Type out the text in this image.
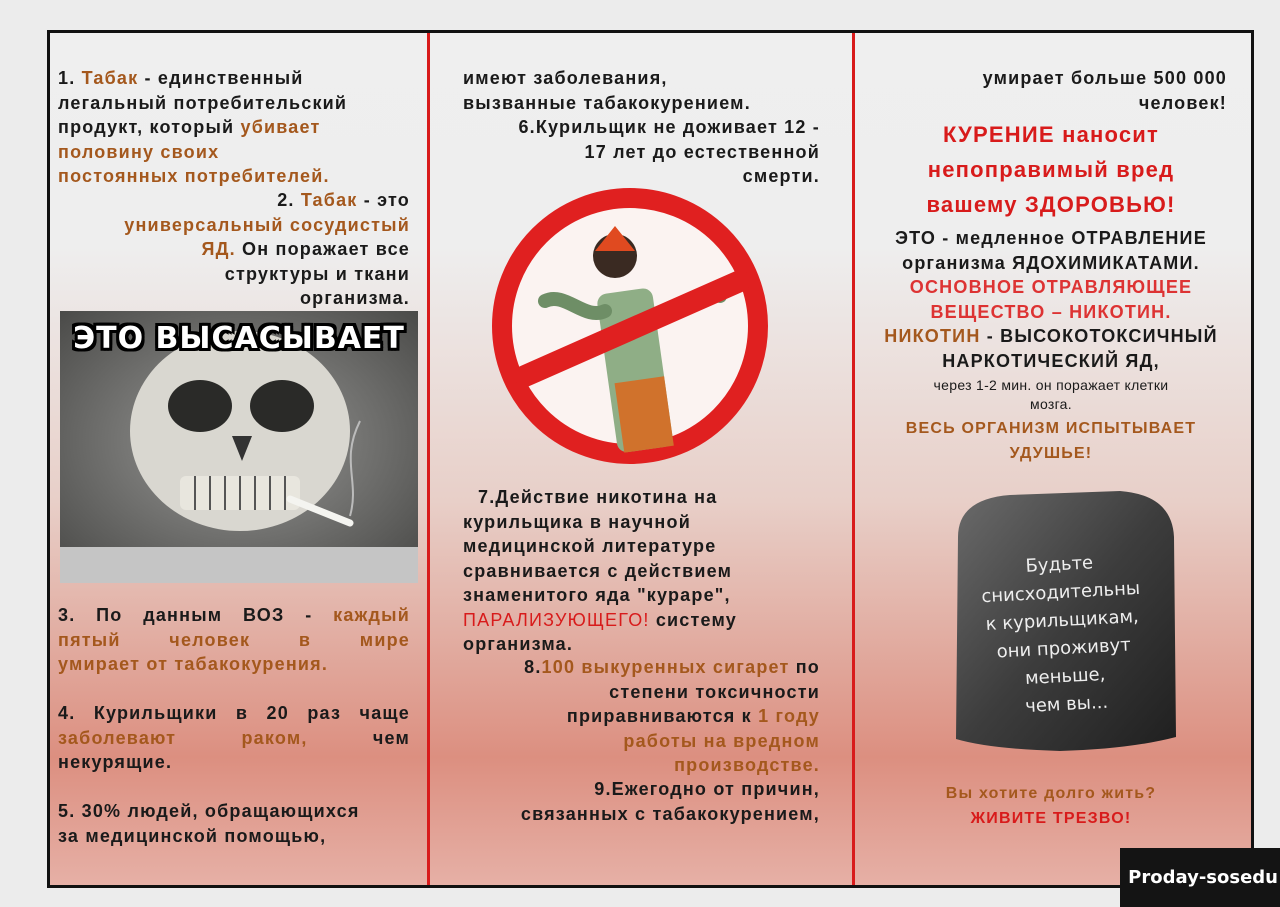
1. Табак - единственный
легальный потребительский
продукт, который убивает
половину своих
постоянных потребителей.
2. Табак - это
универсальный сосудистый
ЯД. Он поражает все
структуры и ткани
организма.
ЭТО ВЫСАСЫВАЕТ
3. По данным ВОЗ - каждый
пятый человек в мире
умирает от табакокурения.
4. Курильщики в 20 раз чаще
заболевают раком,	чем
некурящие.
5. 30% людей, обращающихся
за медицинской помощью,
имеют заболевания,
вызванные табакокурением.
6.Курильщик не доживает 12 -
17 лет до естественной
смерти.
7.Действие никотина на
курильщика в научной
медицинской литературе
сравнивается с действием
знаменитого яда "кураре",
ПАРАЛИЗУЮЩЕГО! систему
организма.
8.100 выкуренных сигарет по
степени токсичности
приравниваются к 1 году
работы на вредном
производстве.
9.Ежегодно от причин,
связанных с табакокурением,
умирает больше 500 000
человек!
КУРЕНИЕ наносит
непоправимый вред
вашему ЗДОРОВЬЮ!
ЭТО - медленное ОТРАВЛЕНИЕ
организма ЯДОХИМИКАТАМИ.
ОСНОВНОЕ ОТРАВЛЯЮЩЕЕ
ВЕЩЕСТВО – НИКОТИН.
НИКОТИН - ВЫСОКОТОКСИЧНЫЙ
НАРКОТИЧЕСКИЙ ЯД,
через 1-2 мин. он поражает клетки
мозга.
ВЕСЬ ОРГАНИЗМ ИСПЫТЫВАЕТ
УДУШЬЕ!
Будьте
снисходительны
к курильщикам,
они проживут
меньше,
чем вы...
Вы хотите долго жить?
ЖИВИТЕ ТРЕЗВО!
Proday-sosedu
